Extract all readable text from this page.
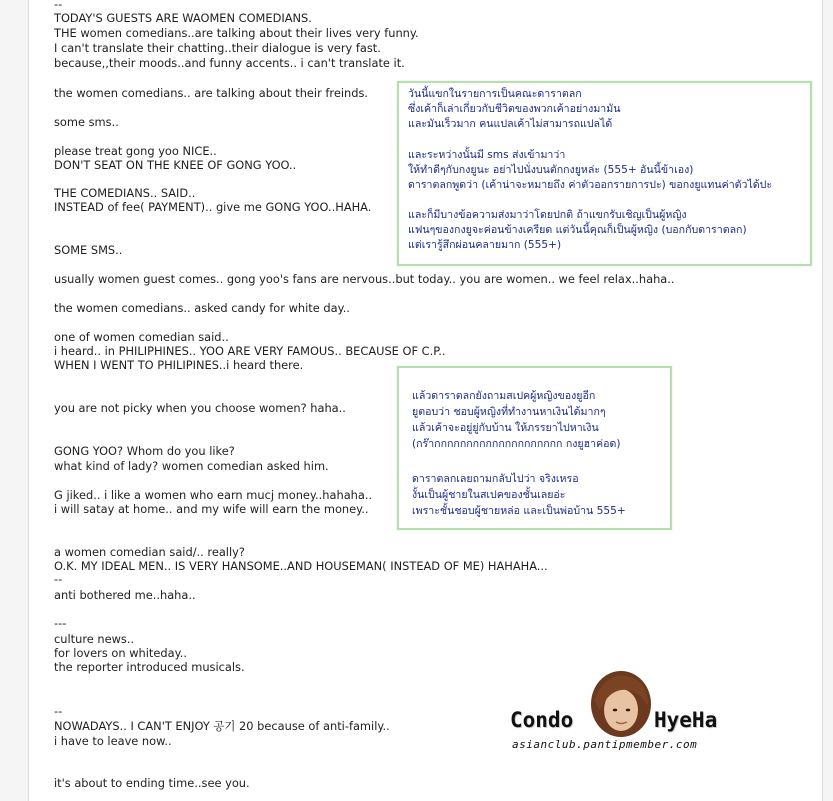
--
TODAY'S GUESTS ARE WAOMEN COMEDIANS.
THE women comedians..are talking about their lives very funny.
I can't translate their chatting..their dialogue is very fast.
because,,their moods..and funny accents.. i can't translate it.
the women comedians.. are talking about their freinds.
some sms..
please treat gong yoo NICE..
DON'T SEAT ON THE KNEE OF GONG YOO..
THE COMEDIANS.. SAID..
INSTEAD of fee( PAYMENT).. give me GONG YOO..HAHA.
SOME SMS..
usually women guest comes.. gong yoo's fans are nervous..but today.. you are women.. we feel relax..haha..
the women comedians.. asked candy for white day..
one of women comedian said..
i heard.. in PHILIPHINES.. YOO ARE VERY FAMOUS.. BECAUSE OF C.P..
WHEN I WENT TO PHILIPINES..i heard there.
you are not picky when you choose women? haha..
GONG YOO? Whom do you like?
what kind of lady? women comedian asked him.
G jiked.. i like a women who earn mucj money..hahaha..
i will satay at home.. and my wife will earn the money..
a women comedian said/.. really?
O.K. MY IDEAL MEN.. IS VERY HANSOME..AND HOUSEMAN( INSTEAD OF ME) HAHAHA...
--
anti bothered me..haha..
---
culture news..
for lovers on whiteday..
the reporter introduced musicals.
--
NOWADAYS.. I CAN'T ENJOY 공기 20 because of anti-family..
i have to leave now..
it's about to ending time..see you.
วันนี้แขกในรายการเป็นคณะดาราตลก
ซึ่งเค้าก็เล่าเกี่ยวกับชีวิตของพวกเค้าอย่างมามัน
และมันเร็วมาก คนแปลเค้าไม่สามารถแปลได้
และระหว่างนั้นมี sms ส่งเข้ามาว่า
ให้ทำดีๆกับกงยูนะ อย่าไปนั่งบนตักกงยูหล่ะ (555+ อันนี้ข้าเอง)
ดาราตลกพูดว่า (เค้าน่าจะหมายถึง ค่าตัวออกรายการปะ) ขอกงยูแทนค่าตัวได้ปะ
และก็มีบางข้อความส่งมาว่าโดยปกติ ถ้าแขกรับเชิญเป็นผู้หญิง
แฟนๆของกงยูจะค่อนข้างเครียด แต่วันนี้คุณก็เป็นผู้หญิง (บอกกับดาราตลก)
แต่เรารู้สึกผ่อนคลายมาก (555+)
แล้วดาราตลกยังถามสเปคผู้หญิงของยูอีก
ยูตอบว่า ชอบผู้หญิงที่ทำงานหาเงินได้มากๆ
แล้วเค้าจะอยู่ยู่กับบ้าน ให้ภรรยาไปหาเงิน
(กร๊ากกกกกกกกกกกกกกกกกกกก กงยูฮาค่อด)
ดาราตลกเลยถามกลับไปว่า จริงเหรอ
งั้นเป็นผู้ชายในสเปคของชั้นเลยอ่ะ
เพราะชั้นชอบผู้ชายหล่อ และเป็นพ่อบ้าน 555+
Condo	HyeHa
asianclub.pantipmember.com
